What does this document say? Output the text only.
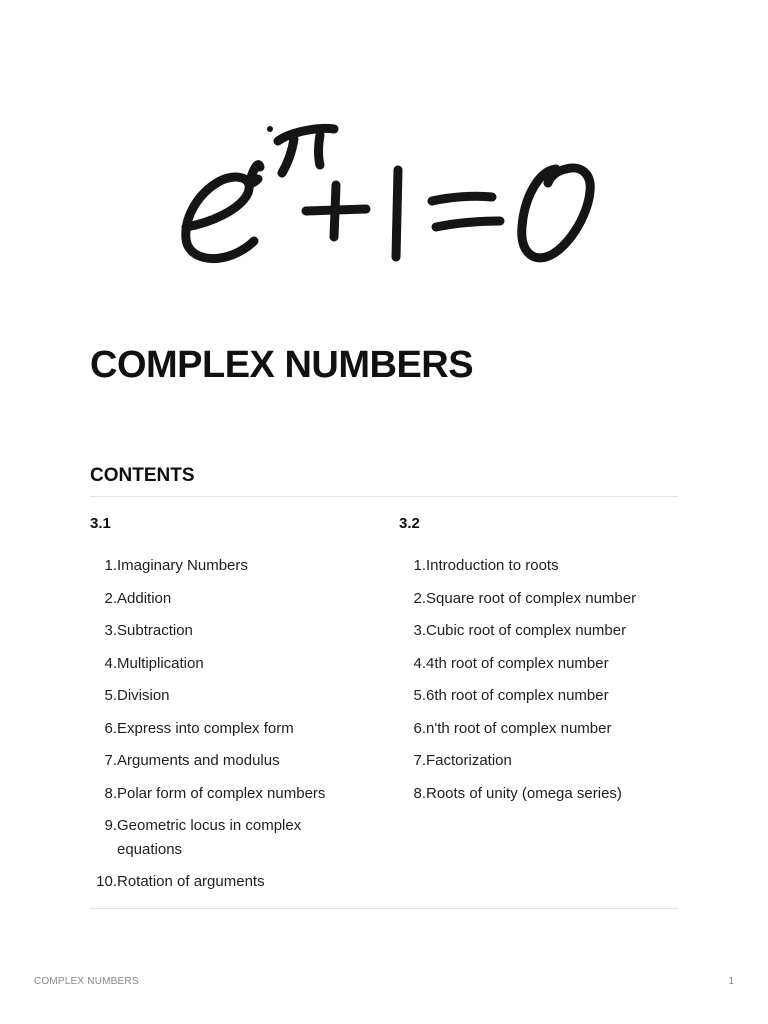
COMPLEX NUMBERS
CONTENTS
3.1
1. Imaginary Numbers
2. Addition
3. Subtraction
4. Multiplication
5. Division
6. Express into complex form
7. Arguments and modulus
8. Polar form of complex numbers
9. Geometric locus in complex equations
10. Rotation of arguments
3.2
1. Introduction to roots
2. Square root of complex number
3. Cubic root of complex number
4. 4th root of complex number
5. 6th root of complex number
6. n'th root of complex number
7. Factorization
8. Roots of unity (omega series)
COMPLEX NUMBERS	1
